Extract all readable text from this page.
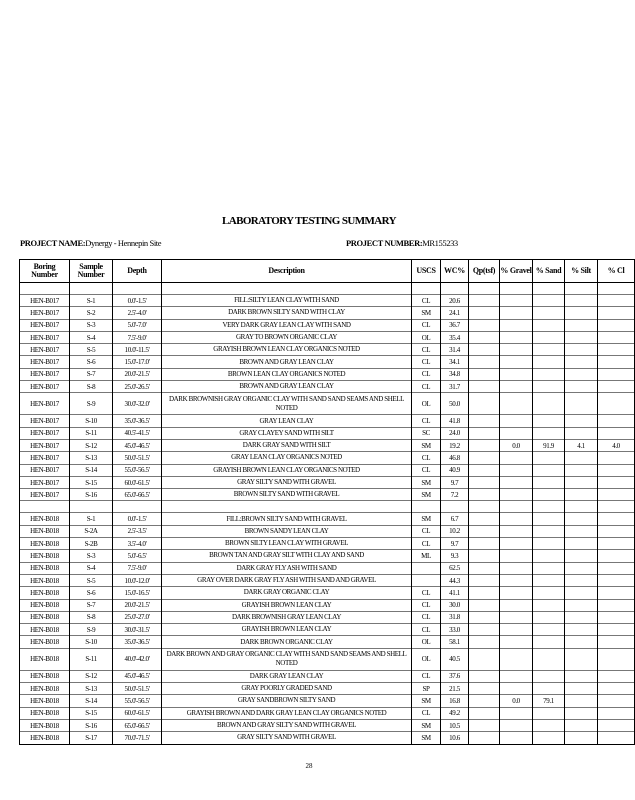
LABORATORY TESTING SUMMARY
PROJECT NAME:Dynergy - Hennepin Site	PROJECT NUMBER:MR155233
Boring Number	Sample Number	Depth	Description	USCS	WC%	Qp(tsf)	% Gravel	% Sand	% Silt	% Cl

HEN-B017	S-1	0.0'-1.5'	FILL:SILTY LEAN CLAY WITH SAND	CL	20.6					
HEN-B017	S-2	2.5'-4.0'	DARK BROWN SILTY SAND WITH CLAY	SM	24.1					
HEN-B017	S-3	5.0'-7.0'	VERY DARK GRAY LEAN CLAY WITH SAND	CL	36.7					
HEN-B017	S-4	7.5'-9.0'	GRAY TO BROWN ORGANIC CLAY	OL	35.4					
HEN-B017	S-5	10.0'-11.5'	GRAYISH BROWN LEAN CLAY ORGANICS NOTED	CL	31.4					
HEN-B017	S-6	15.0'-17.0'	BROWN AND GRAY LEAN CLAY	CL	34.1					
HEN-B017	S-7	20.0'-21.5'	BROWN LEAN CLAY ORGANICS NOTED	CL	34.8					
HEN-B017	S-8	25.0'-26.5'	BROWN AND GRAY LEAN CLAY	CL	31.7					
HEN-B017	S-9	30.0'-32.0'	DARK BROWNISH GRAY ORGANIC CLAY WITH SAND SAND SEAMS AND SHELL NOTED	OL	50.0					
HEN-B017	S-10	35.0'-36.5'	GRAY LEAN CLAY	CL	41.8					
HEN-B017	S-11	40.5'-41.5'	GRAY CLAYEY SAND WITH SILT	SC	24.0					
HEN-B017	S-12	45.0'-46.5'	DARK GRAY SAND WITH SILT	SM	19.2		0.0	91.9	4.1	4.0
HEN-B017	S-13	50.0'-51.5'	GRAY LEAN CLAY ORGANICS NOTED	CL	46.8					
HEN-B017	S-14	55.0'-56.5'	GRAYISH BROWN LEAN CLAY ORGANICS NOTED	CL	40.9					
HEN-B017	S-15	60.0'-61.5'	GRAY SILTY SAND WITH GRAVEL	SM	9.7					
HEN-B017	S-16	65.0'-66.5'	BROWN SILTY SAND WITH GRAVEL	SM	7.2					

HEN-B018	S-1	0.0'-1.5'	FILL:BROWN SILTY SAND WITH GRAVEL	SM	6.7					
HEN-B018	S-2A	2.5'-3.5'	BROWN SANDY LEAN CLAY	CL	10.2					
HEN-B018	S-2B	3.5'-4.0'	BROWN SILTY LEAN CLAY WITH GRAVEL	CL	9.7					
HEN-B018	S-3	5.0'-6.5'	BROWN TAN AND GRAY SILT WITH CLAY AND SAND	ML	9.3					
HEN-B018	S-4	7.5'-9.0'	DARK GRAY FLY ASH WITH SAND		62.5					
HEN-B018	S-5	10.0'-12.0'	GRAY OVER DARK GRAY FLY ASH WITH SAND AND GRAVEL		44.3					
HEN-B018	S-6	15.0'-16.5'	DARK GRAY ORGANIC CLAY	CL	41.1					
HEN-B018	S-7	20.0'-21.5'	GRAYISH BROWN LEAN CLAY	CL	30.0					
HEN-B018	S-8	25.0'-27.0'	DARK BROWNISH GRAY LEAN CLAY	CL	31.8					
HEN-B018	S-9	30.0'-31.5'	GRAYISH BROWN LEAN CLAY	CL	33.0					
HEN-B018	S-10	35.0'-36.5'	DARK BROWN ORGANIC CLAY	OL	58.1					
HEN-B018	S-11	40.0'-42.0'	DARK BROWN AND GRAY ORGANIC CLAY WITH SAND SAND SEAMS AND SHELL NOTED	OL	40.5					
HEN-B018	S-12	45.0'-46.5'	DARK GRAY LEAN CLAY	CL	37.6					
HEN-B018	S-13	50.0'-51.5'	GRAY POORLY GRADED SAND	SP	21.5					
HEN-B018	S-14	55.0'-56.5'	GRAY SANDBROWN SILTY SAND	SM	16.8		0.0	79.1		
HEN-B018	S-15	60.0'-61.5'	GRAYISH BROWN AND DARK GRAY LEAN CLAY ORGANICS NOTED	CL	49.2					
HEN-B018	S-16	65.0'-66.5'	BROWN AND GRAY SILTY SAND WITH GRAVEL	SM	10.5					
HEN-B018	S-17	70.0'-71.5'	GRAY SILTY SAND WITH GRAVEL	SM	10.6					
28
